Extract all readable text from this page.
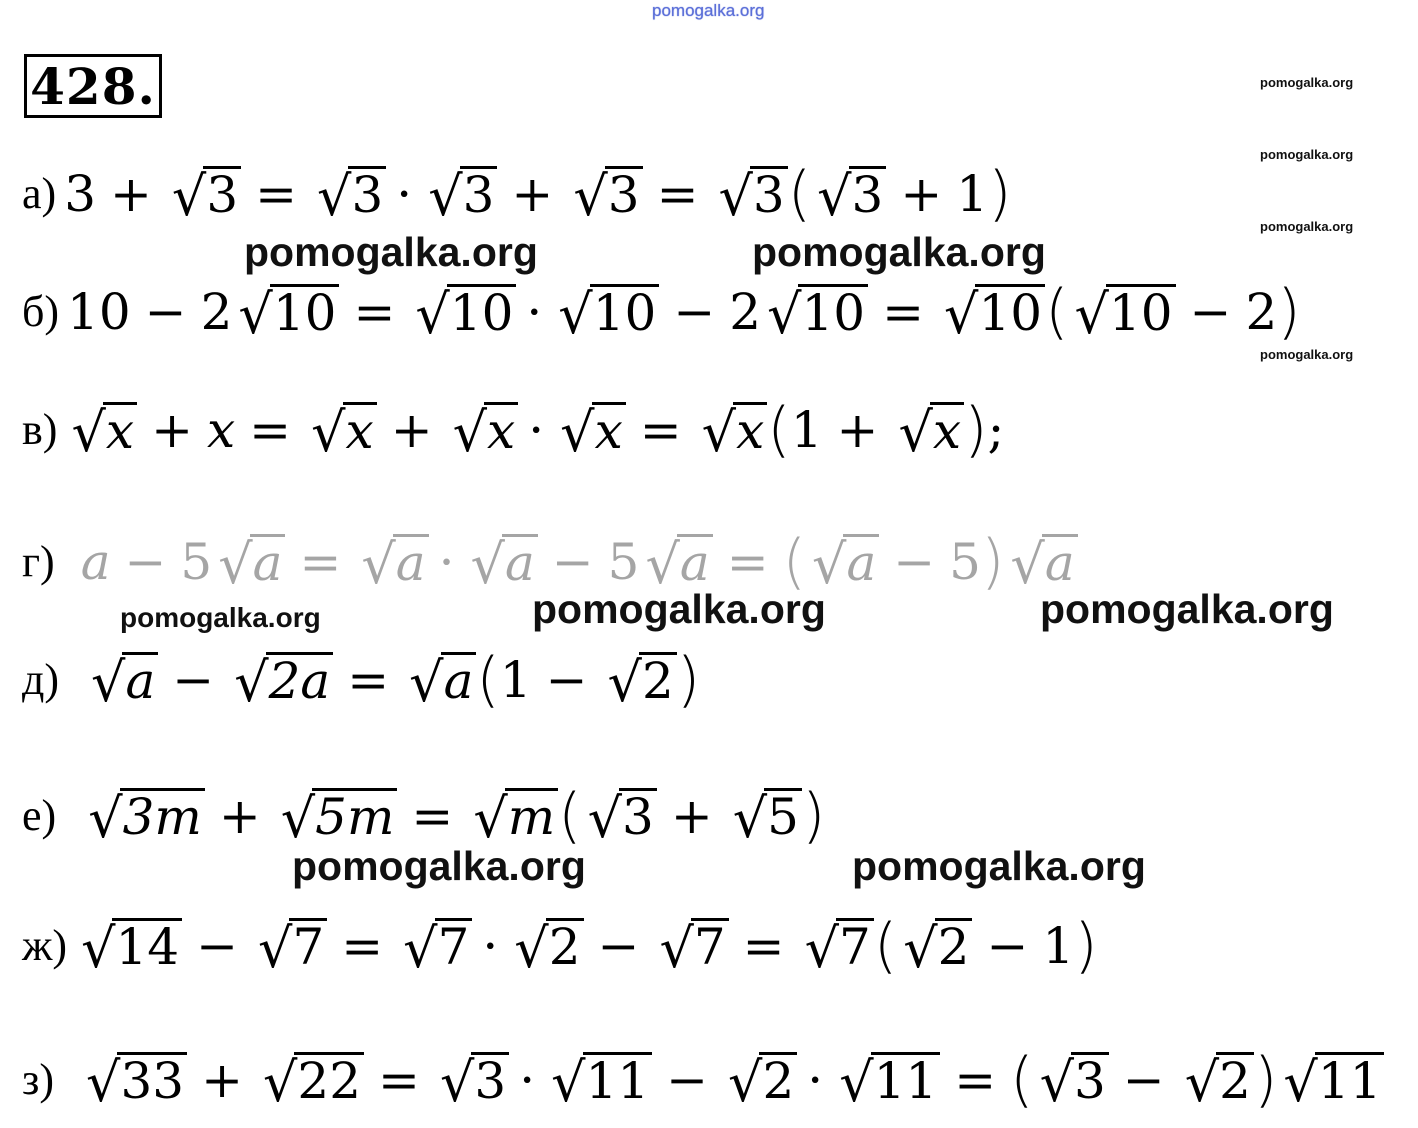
pomogalka.org
428.	pomogalka.org
pomogalka.org
pomogalka.org
pomogalka.org
а) 3 + √ 3 = √ 3 · √ 3 + √ 3 = √ 3 ( √ 3 + 1 )
pomogalka.org	pomogalka.org
б) 10 − 2 √ 10 = √ 10 · √ 10 − 2 √ 10 = √ 10 ( √ 10 − 2 )
в) √ x + x = √ x + √ x · √ x = √ x ( 1 + √ x ) ;
г) a − 5 √ a = √ a · √ a − 5 √ a = ( √ a − 5 ) √ a
pomogalka.org	pomogalka.org	pomogalka.org
д) √ a − √ 2a = √ a ( 1 − √ 2 )
е) √ 3m + √ 5m = √ m ( √ 3 + √ 5 )
pomogalka.org	pomogalka.org
ж) √ 14 − √ 7 = √ 7 · √ 2 − √ 7 = √ 7 ( √ 2 − 1 )
з) √ 33 + √ 22 = √ 3 · √ 11 − √ 2 · √ 11 = ( √ 3 − √ 2 ) √ 11
